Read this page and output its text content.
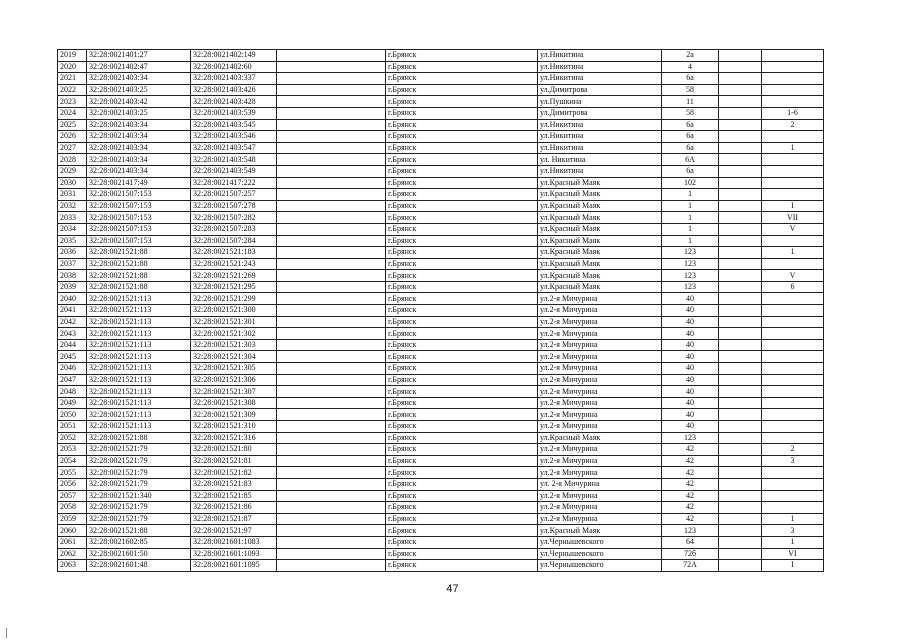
2019	32:28:0021401:27	32:28:0021402:149		г.Брянск	ул.Никитина	2а		
2020	32:28:0021402:47	32:28:0021402:60		г.Брянск	ул.Никитина	4		
2021	32:28:0021403:34	32:28:0021403:337		г.Брянск	ул.Никитина	6а		
2022	32:28:0021403:25	32:28:0021403:426		г.Брянск	ул.Димитрова	58		
2023	32:28:0021403:42	32:28:0021403:428		г.Брянск	ул.Пушкина	11		
2024	32:28:0021403:25	32:28:0021403:539		г.Брянск	ул.Димитрова	58		1-6
2025	32:28:0021403:34	32:28:0021403:545		г.Брянск	ул.Никитина	6а		2
2026	32:28:0021403:34	32:28:0021403:546		г.Брянск	ул.Никитина	6а		
2027	32:28:0021403:34	32:28:0021403:547		г.Брянск	ул.Никитина	6а		1
2028	32:28:0021403:34	32:28:0021403:548		г.Брянск	ул. Никитина	6А		
2029	32:28:0021403:34	32:28:0021403:549		г.Брянск	ул.Никитина	6а		
2030	32:28:0021417:49	32:28:0021417:222		г.Брянск	ул.Красный Маяк	102		
2031	32:28:0021507:153	32:28:0021507:257		г.Брянск	ул.Красный Маяк	1		
2032	32:28:0021507:153	32:28:0021507:278		г.Брянск	ул.Красный Маяк	1		I
2033	32:28:0021507:153	32:28:0021507:282		г.Брянск	ул.Красный Маяк	1		VII
2034	32:28:0021507:153	32:28:0021507:283		г.Брянск	ул.Красный Маяк	1		V
2035	32:28:0021507:153	32:28:0021507:284		г.Брянск	ул.Красный Маяк	1		
2036	32:28:0021521:88	32:28:0021521:183		г.Брянск	ул.Красный Маяк	123		1
2037	32:28:0021521:88	32:28:0021521:243		г.Брянск	ул.Красный Маяк	123		
2038	32:28:0021521:88	32:28:0021521:269		г.Брянск	ул.Красный Маяк	123		V
2039	32:28:0021521:88	32:28:0021521:295		г.Брянск	ул.Красный Маяк	123		6
2040	32:28:0021521:113	32:28:0021521:299		г.Брянск	ул.2-я Мичурина	40		
2041	32:28:0021521:113	32:28:0021521:300		г.Брянск	ул.2-я Мичурина	40		
2042	32:28:0021521:113	32:28:0021521:301		г.Брянск	ул.2-я Мичурина	40		
2043	32:28:0021521:113	32:28:0021521:302		г.Брянск	ул.2-я Мичурина	40		
2044	32:28:0021521:113	32:28:0021521:303		г.Брянск	ул.2-я Мичурина	40		
2045	32:28:0021521:113	32:28:0021521:304		г.Брянск	ул.2-я Мичурина	40		
2046	32:28:0021521:113	32:28:0021521:305		г.Брянск	ул.2-я Мичурина	40		
2047	32:28:0021521:113	32:28:0021521:306		г.Брянск	ул.2-я Мичурина	40		
2048	32:28:0021521:113	32:28:0021521:307		г.Брянск	ул.2-я Мичурина	40		
2049	32:28:0021521:113	32:28:0021521:308		г.Брянск	ул.2-я Мичурина	40		
2050	32:28:0021521:113	32:28:0021521:309		г.Брянск	ул.2-я Мичурина	40		
2051	32:28:0021521:113	32:28:0021521:310		г.Брянск	ул.2-я Мичурина	40		
2052	32:28:0021521:88	32:28:0021521:316		г.Брянск	ул.Красный Маяк	123		
2053	32:28:0021521:79	32:28:0021521:80		г.Брянск	ул.2-я Мичурина	42		2
2054	32:28:0021521:79	32:28:0021521:81		г.Брянск	ул.2-я Мичурина	42		3
2055	32:28:0021521:79	32:28:0021521:82		г.Брянск	ул.2-я Мичурина	42		
2056	32:28:0021521:79	32:28:0021521:83		г.Брянск	ул. 2-я Мичурина	42		
2057	32:28:0021521:340	32:28:0021521:85		г.Брянск	ул.2-я Мичурина	42		
2058	32:28:0021521:79	32:28:0021521:86		г.Брянск	ул.2-я Мичурина	42		
2059	32:28:0021521:79	32:28:0021521:87		г.Брянск	ул.2-я Мичурина	42		1
2060	32:28:0021521:88	32:28:0021521:97		г.Брянск	ул.Красный Маяк	123		3
2061	32:28:0021602:85	32:28:0021601:1083		г.Брянск	ул.Чернышевского	64		1
2062	32:28:0021601:50	32:28:0021601:1093		г.Брянск	ул.Чернышевского	72б		VI
2063	32:28:0021601:48	32:28:0021601:1095		г.Брянск	ул.Чернышевского	72А		I
47
